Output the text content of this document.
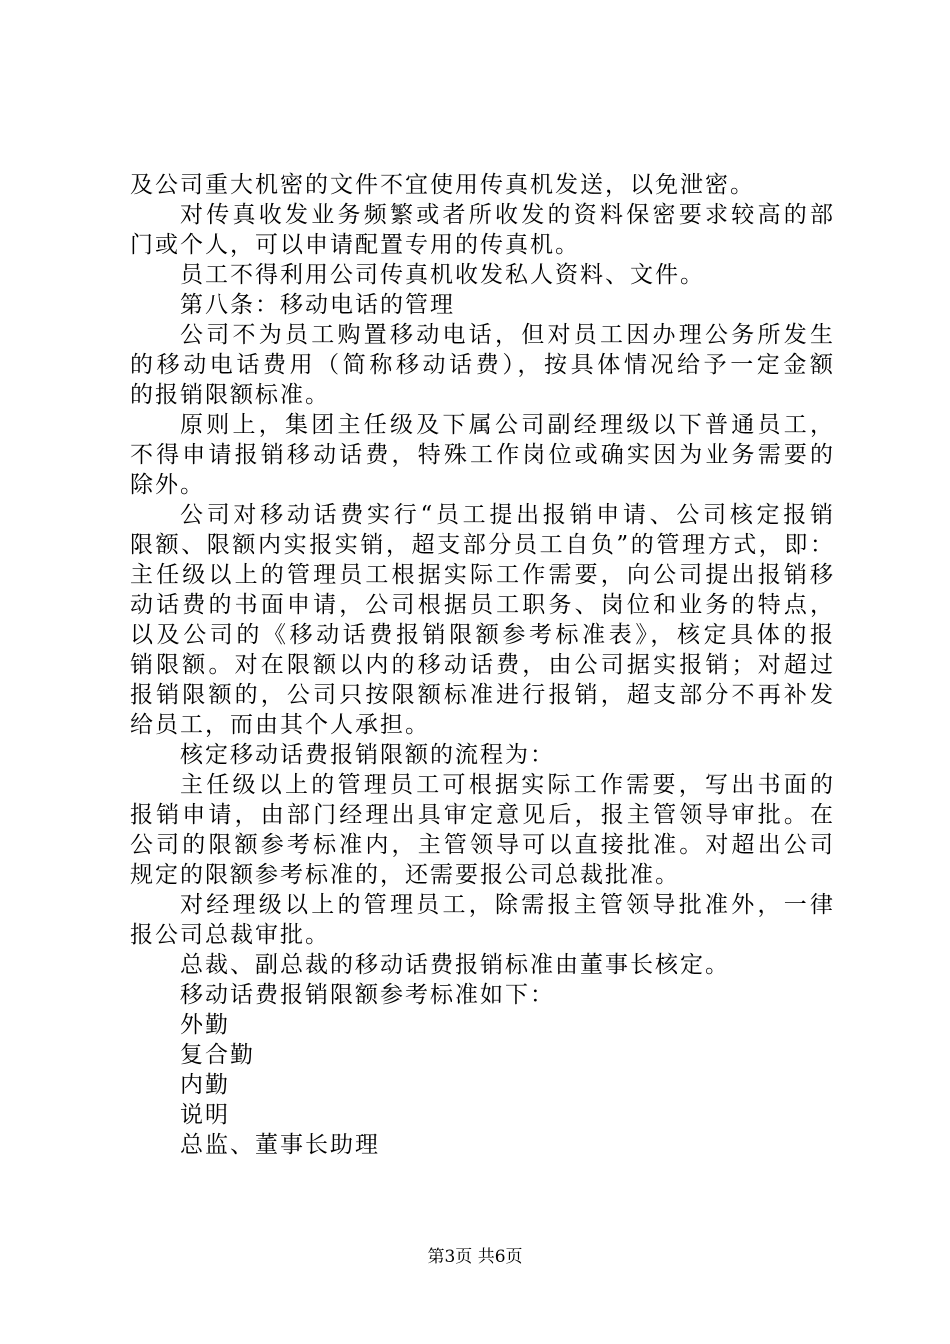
及公司重大机密的文件不宜使用传真机发送，以免泄密。
对传真收发业务频繁或者所收发的资料保密要求较高的部
门或个人，可以申请配置专用的传真机。
员工不得利用公司传真机收发私人资料、文件。
第八条：移动电话的管理
公司不为员工购置移动电话，但对员工因办理公务所发生
的移动电话费用（简称移动话费），按具体情况给予一定金额
的报销限额标准。
原则上，集团主任级及下属公司副经理级以下普通员工，
不得申请报销移动话费，特殊工作岗位或确实因为业务需要的
除外。
公司对移动话费实行“员工提出报销申请、公司核定报销
限额、限额内实报实销，超支部分员工自负”的管理方式，即：
主任级以上的管理员工根据实际工作需要，向公司提出报销移
动话费的书面申请，公司根据员工职务、岗位和业务的特点，
以及公司的《移动话费报销限额参考标准表》，核定具体的报
销限额。对在限额以内的移动话费，由公司据实报销；对超过
报销限额的，公司只按限额标准进行报销，超支部分不再补发
给员工，而由其个人承担。
核定移动话费报销限额的流程为：
主任级以上的管理员工可根据实际工作需要，写出书面的
报销申请，由部门经理出具审定意见后，报主管领导审批。在
公司的限额参考标准内，主管领导可以直接批准。对超出公司
规定的限额参考标准的，还需要报公司总裁批准。
对经理级以上的管理员工，除需报主管领导批准外，一律
报公司总裁审批。
总裁、副总裁的移动话费报销标准由董事长核定。
移动话费报销限额参考标准如下：
外勤
复合勤
内勤
说明
总监、董事长助理
第3页 共6页
